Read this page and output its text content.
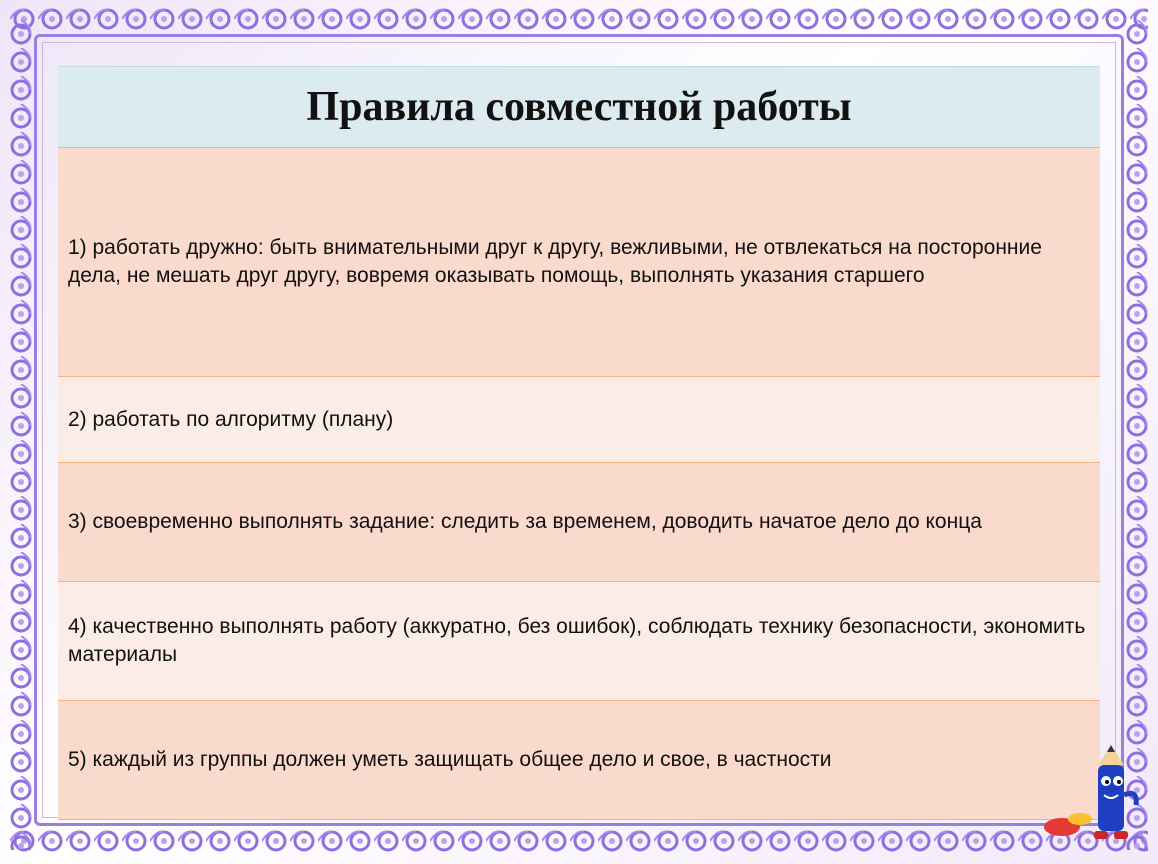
Правила совместной работы
1) работать дружно: быть внимательными друг к другу, вежливыми, не отвлекаться на посторонние дела, не мешать друг другу, вовремя оказывать помощь, выполнять указания старшего
2) работать по алгоритму (плану)
3) своевременно выполнять задание: следить за временем, доводить начатое дело до конца
4) качественно выполнять работу (аккуратно, без ошибок), соблюдать технику безопасности, экономить материалы
5) каждый из группы должен уметь защищать общее дело и свое, в частности
